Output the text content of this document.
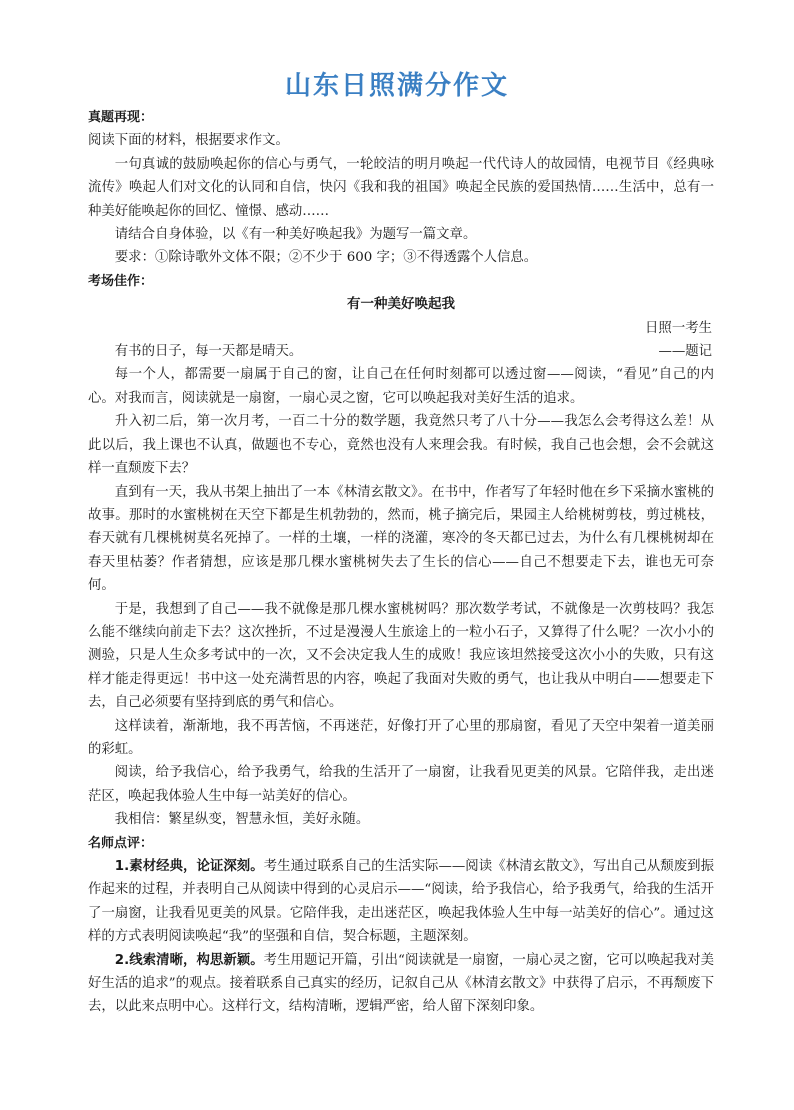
山东日照满分作文
真题再现：
阅读下面的材料，根据要求作文。

一句真诚的鼓励唤起你的信心与勇气，一轮皎洁的明月唤起一代代诗人的故园情，电视节目《经典咏流传》唤起人们对文化的认同和自信，快闪《我和我的祖国》唤起全民族的爱国热情……生活中，总有一种美好能唤起你的回忆、憧憬、感动……

请结合自身体验，以《有一种美好唤起我》为题写一篇文章。

要求：①除诗歌外文体不限；②不少于 600 字；③不得透露个人信息。

考场佳作：
有一种美好唤起我
日照一考生
有书的日子，每一天都是晴天。	——题记

每一个人，都需要一扇属于自己的窗，让自己在任何时刻都可以透过窗——阅读，“看见”自己的内心。对我而言，阅读就是一扇窗，一扇心灵之窗，它可以唤起我对美好生活的追求。

升入初二后，第一次月考，一百二十分的数学题，我竟然只考了八十分——我怎么会考得这么差！从此以后，我上课也不认真，做题也不专心，竟然也没有人来理会我。有时候，我自己也会想，会不会就这样一直颓废下去？

直到有一天，我从书架上抽出了一本《林清玄散文》。在书中，作者写了年轻时他在乡下采摘水蜜桃的故事。那时的水蜜桃树在天空下都是生机勃勃的，然而，桃子摘完后，果园主人给桃树剪枝，剪过桃枝，春天就有几棵桃树莫名死掉了。一样的土壤，一样的浇灌，寒冷的冬天都已过去，为什么有几棵桃树却在春天里枯萎？作者猜想，应该是那几棵水蜜桃树失去了生长的信心——自己不想要走下去，谁也无可奈何。

于是，我想到了自己——我不就像是那几棵水蜜桃树吗？那次数学考试，不就像是一次剪枝吗？我怎么能不继续向前走下去？这次挫折，不过是漫漫人生旅途上的一粒小石子，又算得了什么呢？一次小小的测验，只是人生众多考试中的一次，又不会决定我人生的成败！我应该坦然接受这次小小的失败，只有这样才能走得更远！书中这一处充满哲思的内容，唤起了我面对失败的勇气，也让我从中明白——想要走下去，自己必须要有坚持到底的勇气和信心。

这样读着，渐渐地，我不再苦恼，不再迷茫，好像打开了心里的那扇窗，看见了天空中架着一道美丽的彩虹。

阅读，给予我信心，给予我勇气，给我的生活开了一扇窗，让我看见更美的风景。它陪伴我，走出迷茫区，唤起我体验人生中每一站美好的信心。

我相信：繁星纵变，智慧永恒，美好永随。

名师点评：

1.素材经典，论证深刻。考生通过联系自己的生活实际——阅读《林清玄散文》，写出自己从颓废到振作起来的过程，并表明自己从阅读中得到的心灵启示——“阅读，给予我信心，给予我勇气，给我的生活开了一扇窗，让我看见更美的风景。它陪伴我，走出迷茫区，唤起我体验人生中每一站美好的信心”。通过这样的方式表明阅读唤起“我”的坚强和自信，契合标题，主题深刻。

2.线索清晰，构思新颖。考生用题记开篇，引出“阅读就是一扇窗，一扇心灵之窗，它可以唤起我对美好生活的追求”的观点。接着联系自己真实的经历，记叙自己从《林清玄散文》中获得了启示，不再颓废下去，以此来点明中心。这样行文，结构清晰，逻辑严密，给人留下深刻印象。
